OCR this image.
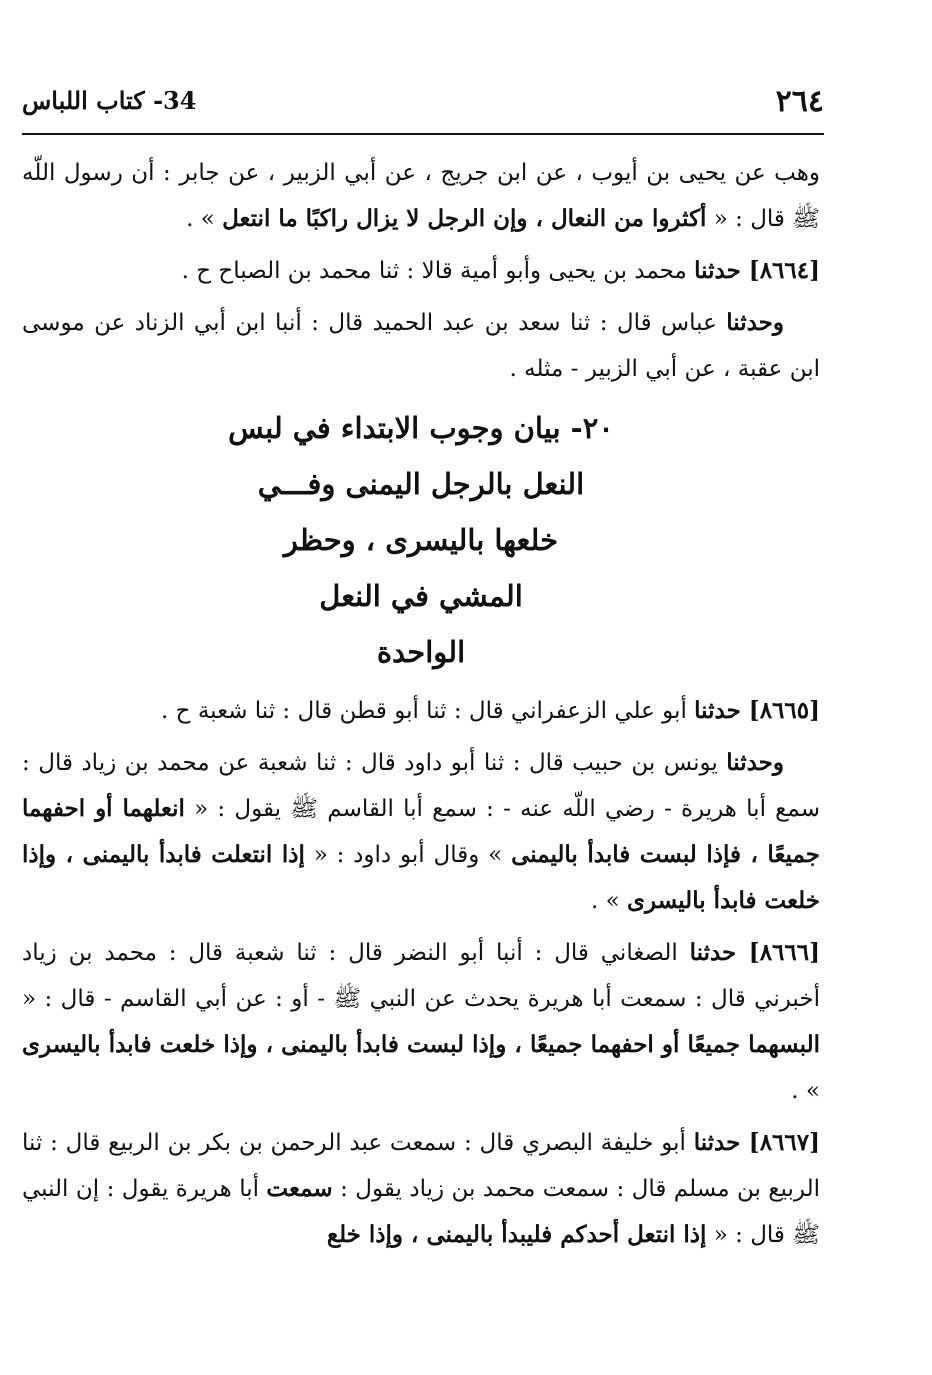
٢٦٤
34- كتاب اللباس

وهب عن يحيى بن أيوب ، عن ابن جريج ، عن أبي الزبير ، عن جابر : أن رسول اللّه ﷺ قال : « أكثروا من النعال ، وإن الرجل لا يزال راكبًا ما انتعل » .

[٨٦٦٤] حدثنا محمد بن يحيى وأبو أمية قالا : ثنا محمد بن الصباح ح .

وحدثنا عباس قال : ثنا سعد بن عبد الحميد قال : أنبا ابن أبي الزناد عن موسى ابن عقبة ، عن أبي الزبير - مثله .

٢٠- بيان وجوب الابتداء في لبس
النعل بالرجل اليمنى وفـــي
خلعها باليسرى ، وحظر
المشي في النعل
الواحدة

[٨٦٦٥] حدثنا أبو علي الزعفراني قال : ثنا أبو قطن قال : ثنا شعبة ح .

وحدثنا يونس بن حبيب قال : ثنا أبو داود قال : ثنا شعبة عن محمد بن زياد قال : سمع أبا هريرة - رضي اللّه عنه - : سمع أبا القاسم ﷺ يقول : « انعلهما أو احفهما جميعًا ، فإذا لبست فابدأ باليمنى » وقال أبو داود : « إذا انتعلت فابدأ باليمنى ، وإذا خلعت فابدأ باليسرى » .

[٨٦٦٦] حدثنا الصغاني قال : أنبا أبو النضر قال : ثنا شعبة قال : محمد بن زياد أخبرني قال : سمعت أبا هريرة يحدث عن النبي ﷺ - أو : عن أبي القاسم - قال : « البسهما جميعًا أو احفهما جميعًا ، وإذا لبست فابدأ باليمنى ، وإذا خلعت فابدأ باليسرى » .

[٨٦٦٧] حدثنا أبو خليفة البصري قال : سمعت عبد الرحمن بن بكر بن الربيع قال : ثنا الربيع بن مسلم قال : سمعت محمد بن زياد يقول : سمعت أبا هريرة يقول : إن النبي ﷺ قال : « إذا انتعل أحدكم فليبدأ باليمنى ، وإذا خلع
